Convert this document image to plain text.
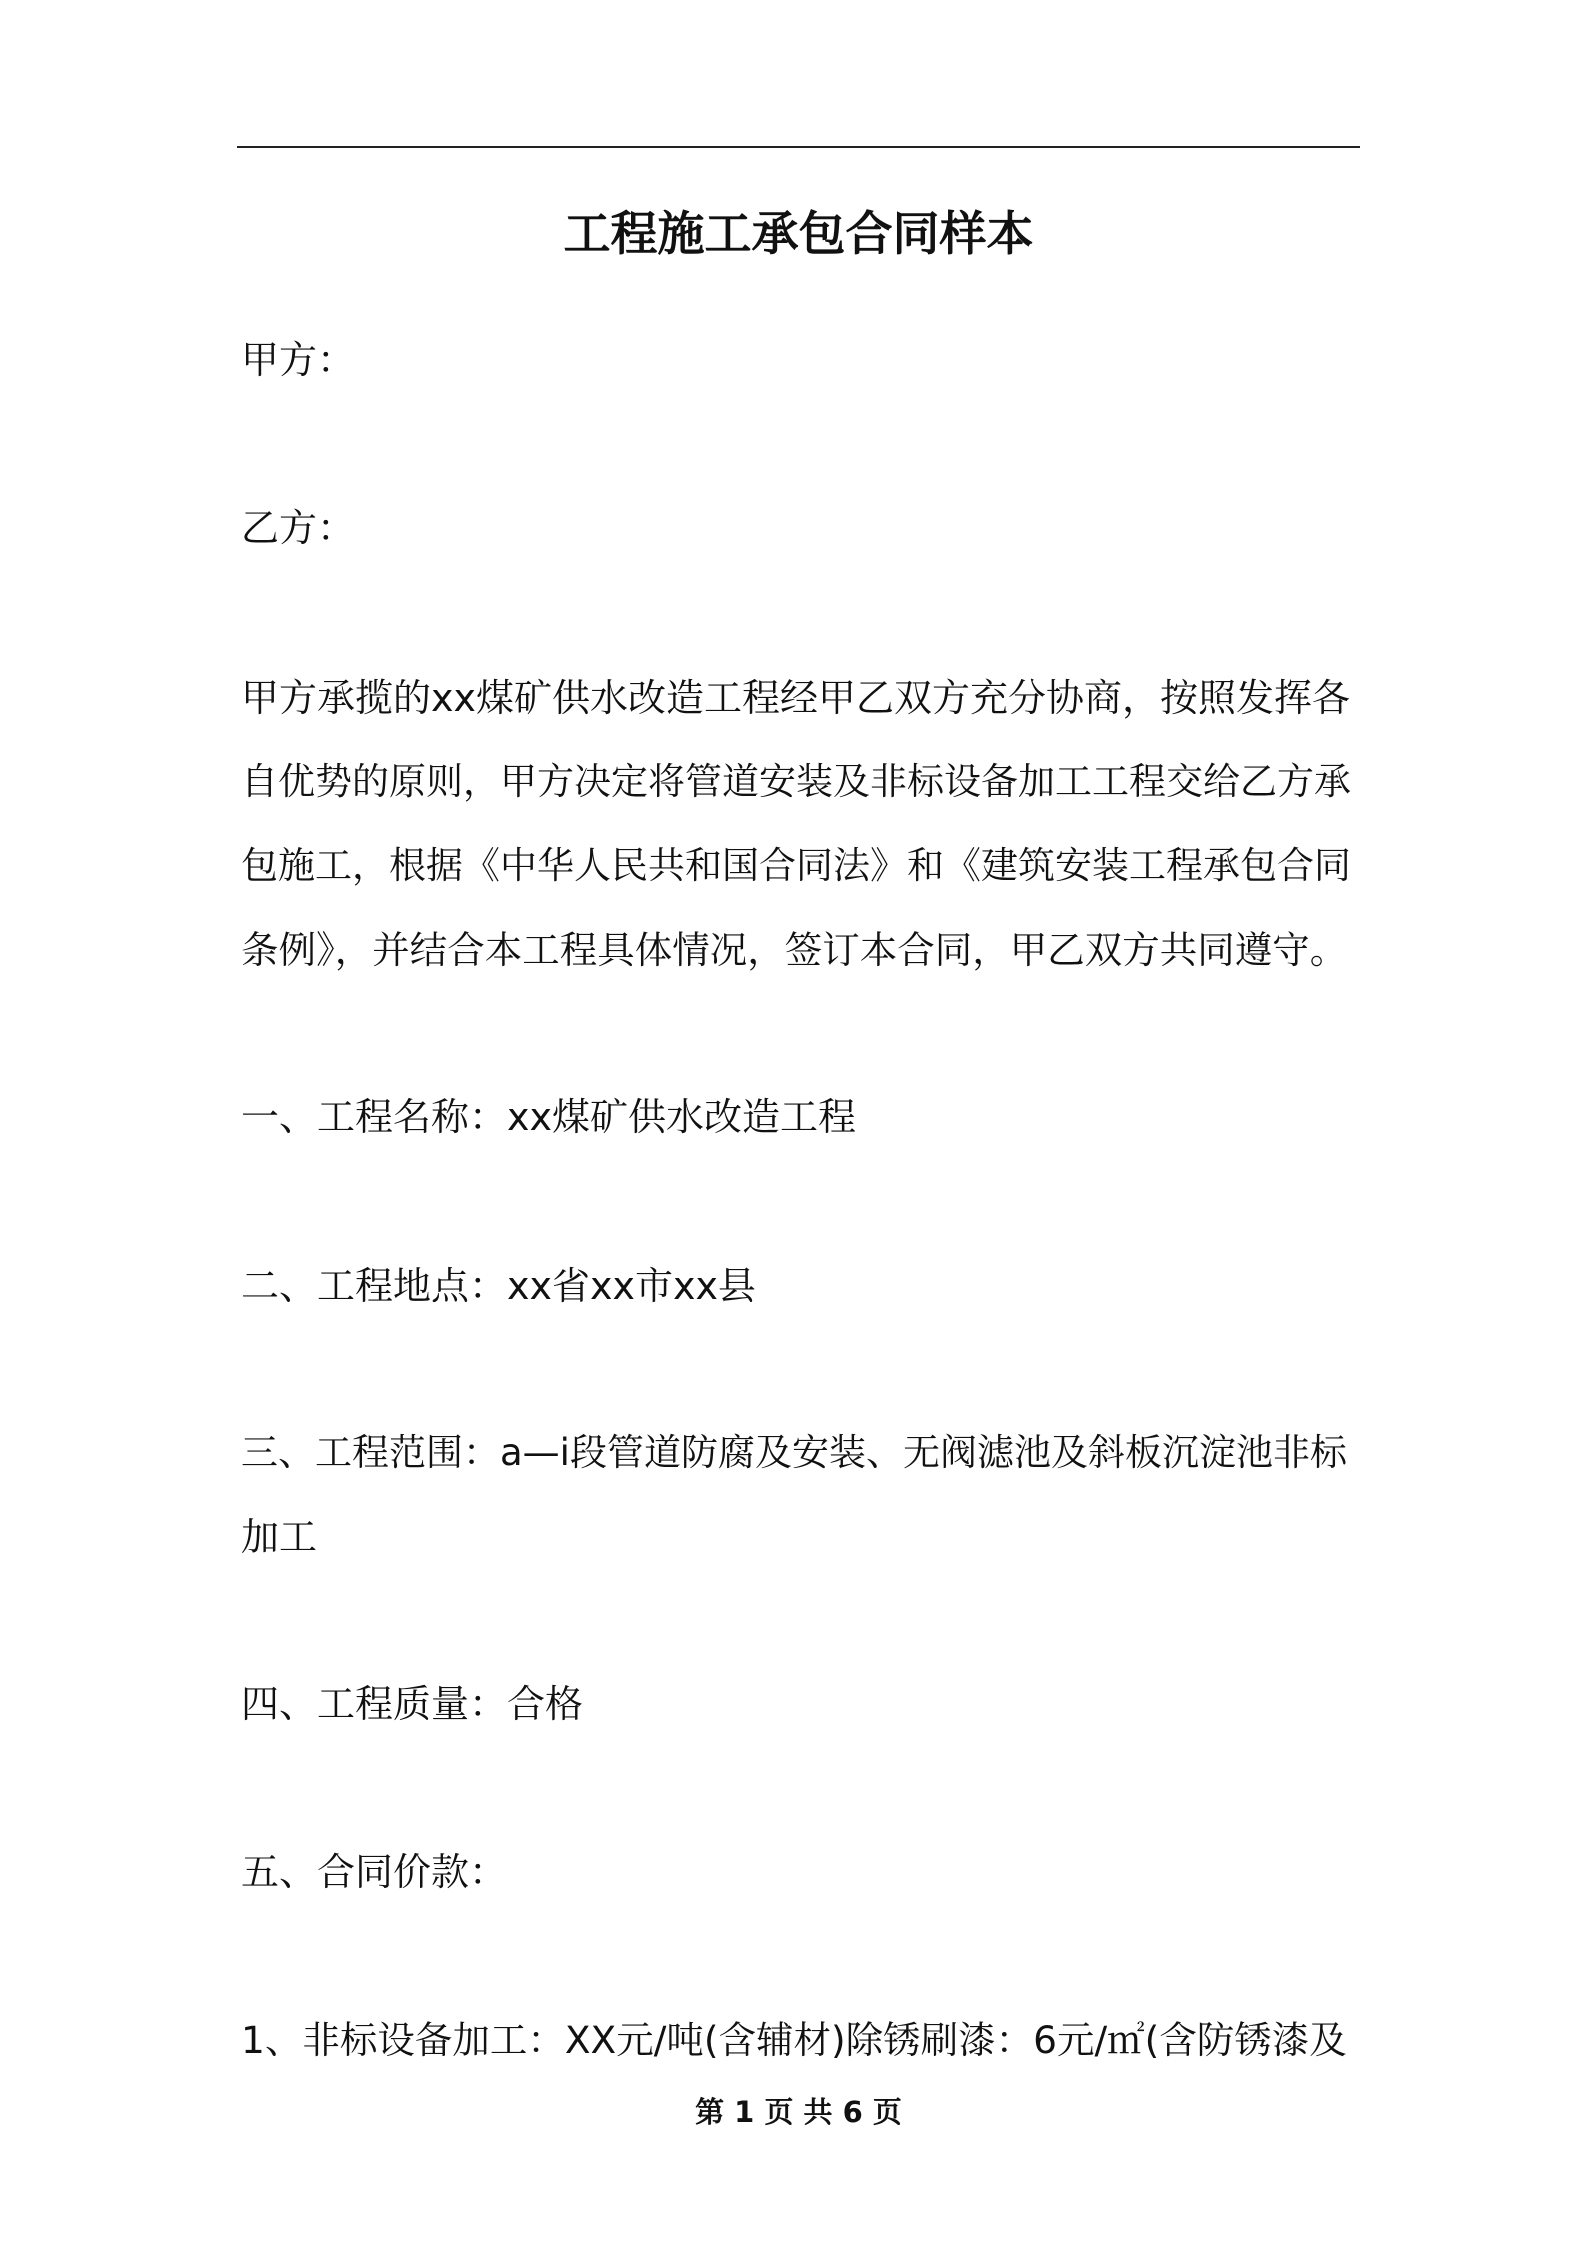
工程施工承包合同样本
甲方：
乙方：
甲方承揽的xx煤矿供水改造工程经甲乙双方充分协商，按照发挥各
自优势的原则，甲方决定将管道安装及非标设备加工工程交给乙方承
包施工，根据《中华人民共和国合同法》和《建筑安装工程承包合同
条例》，并结合本工程具体情况，签订本合同，甲乙双方共同遵守。
一、工程名称：xx煤矿供水改造工程
二、工程地点：xx省xx市xx县
三、工程范围：a—i段管道防腐及安装、无阀滤池及斜板沉淀池非标
加工
四、工程质量：合格
五、合同价款：
1、非标设备加工：XX元/吨(含辅材)除锈刷漆：6元/㎡(含防锈漆及
第 1 页 共 6 页
